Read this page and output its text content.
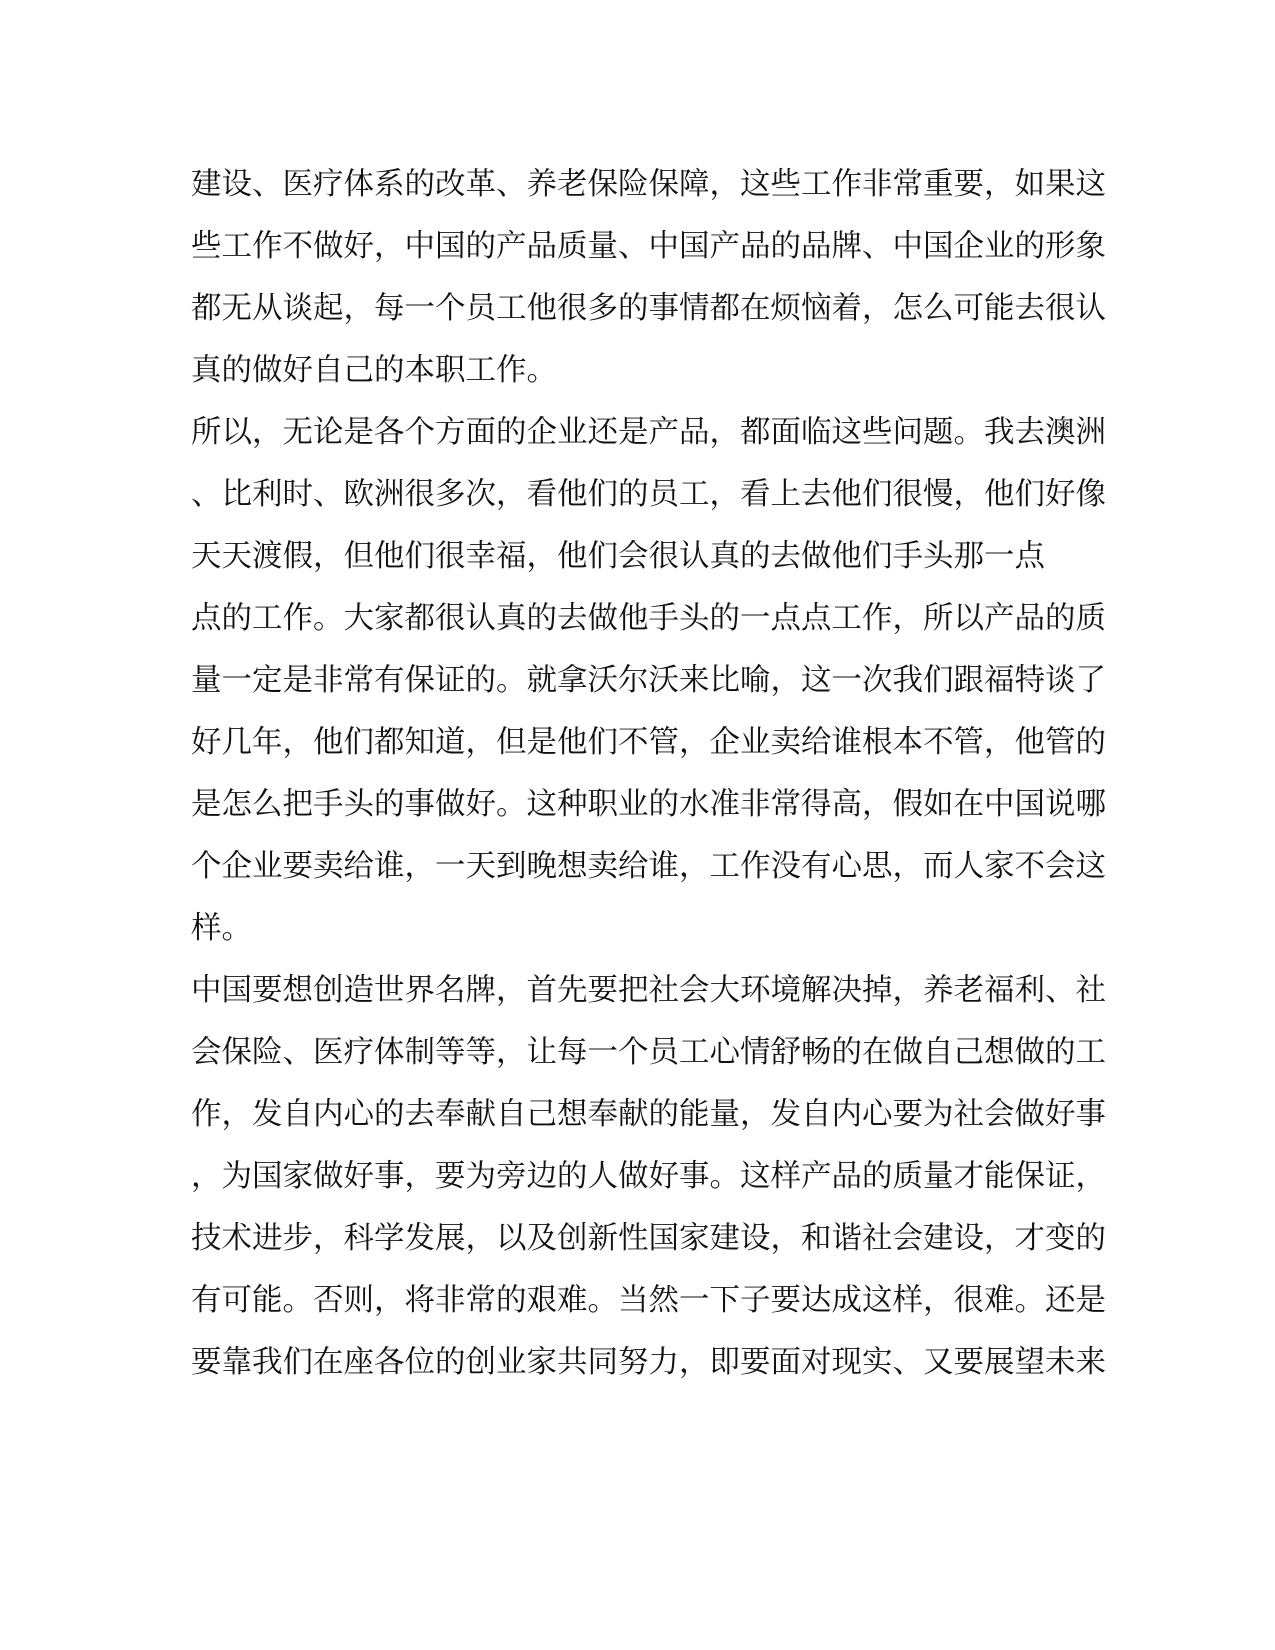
建设、医疗体系的改革、养老保险保障，这些工作非常重要，如果这
些工作不做好，中国的产品质量、中国产品的品牌、中国企业的形象
都无从谈起，每一个员工他很多的事情都在烦恼着，怎么可能去很认
真的做好自己的本职工作。
所以，无论是各个方面的企业还是产品，都面临这些问题。我去澳洲
、比利时、欧洲很多次，看他们的员工，看上去他们很慢，他们好像
天天渡假，但他们很幸福，他们会很认真的去做他们手头那一点
点的工作。大家都很认真的去做他手头的一点点工作，所以产品的质
量一定是非常有保证的。就拿沃尔沃来比喻，这一次我们跟福特谈了
好几年，他们都知道，但是他们不管，企业卖给谁根本不管，他管的
是怎么把手头的事做好。这种职业的水准非常得高，假如在中国说哪
个企业要卖给谁，一天到晚想卖给谁，工作没有心思，而人家不会这
样。
中国要想创造世界名牌，首先要把社会大环境解决掉，养老福利、社
会保险、医疗体制等等，让每一个员工心情舒畅的在做自己想做的工
作，发自内心的去奉献自己想奉献的能量，发自内心要为社会做好事
，为国家做好事，要为旁边的人做好事。这样产品的质量才能保证，
技术进步，科学发展，以及创新性国家建设，和谐社会建设，才变的
有可能。否则，将非常的艰难。当然一下子要达成这样，很难。还是
要靠我们在座各位的创业家共同努力，即要面对现实、又要展望未来
